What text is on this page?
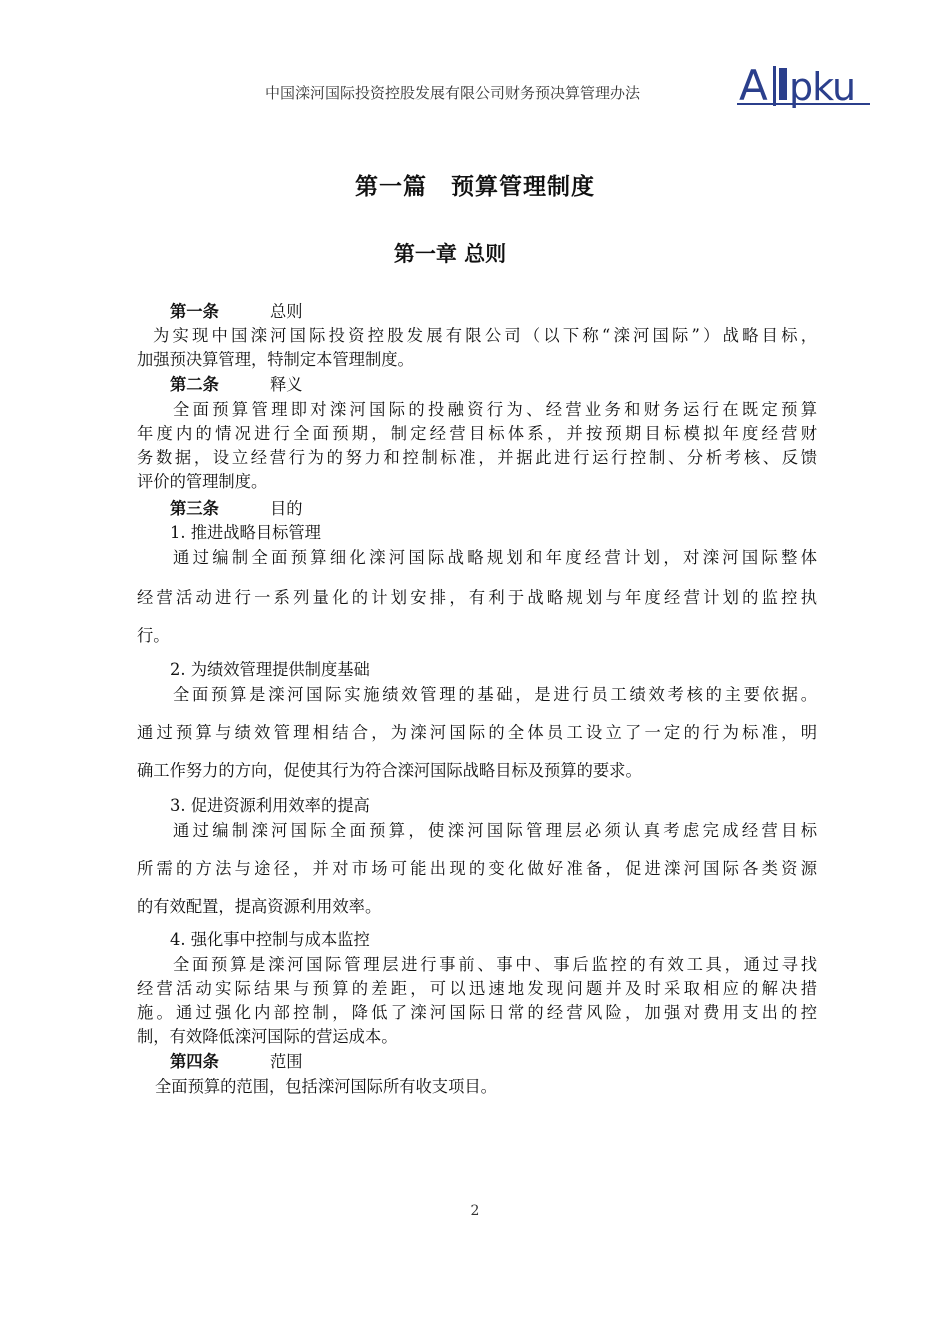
中国滦河国际投资控股发展有限公司财务预决算管理办法 A pku
第一篇　预算管理制度
第一章 总则
第一条	总则
为实现中国滦河国际投资控股发展有限公司（以下称“滦河国际”）战略目标，
加强预决算管理，特制定本管理制度。
第二条	释义
全面预算管理即对滦河国际的投融资行为、经营业务和财务运行在既定预算
年度内的情况进行全面预期，制定经营目标体系，并按预期目标模拟年度经营财
务数据，设立经营行为的努力和控制标准，并据此进行运行控制、分析考核、反馈
评价的管理制度。
第三条	目的
1. 推进战略目标管理
通过编制全面预算细化滦河国际战略规划和年度经营计划，对滦河国际整体
经营活动进行一系列量化的计划安排，有利于战略规划与年度经营计划的监控执
行。
2. 为绩效管理提供制度基础
全面预算是滦河国际实施绩效管理的基础，是进行员工绩效考核的主要依据。
通过预算与绩效管理相结合，为滦河国际的全体员工设立了一定的行为标准，明
确工作努力的方向，促使其行为符合滦河国际战略目标及预算的要求。
3. 促进资源利用效率的提高
通过编制滦河国际全面预算，使滦河国际管理层必须认真考虑完成经营目标
所需的方法与途径，并对市场可能出现的变化做好准备，促进滦河国际各类资源
的有效配置，提高资源利用效率。
4. 强化事中控制与成本监控
全面预算是滦河国际管理层进行事前、事中、事后监控的有效工具，通过寻找
经营活动实际结果与预算的差距，可以迅速地发现问题并及时采取相应的解决措
施。通过强化内部控制，降低了滦河国际日常的经营风险，加强对费用支出的控
制，有效降低滦河国际的营运成本。
第四条	范围
全面预算的范围，包括滦河国际所有收支项目。
2
